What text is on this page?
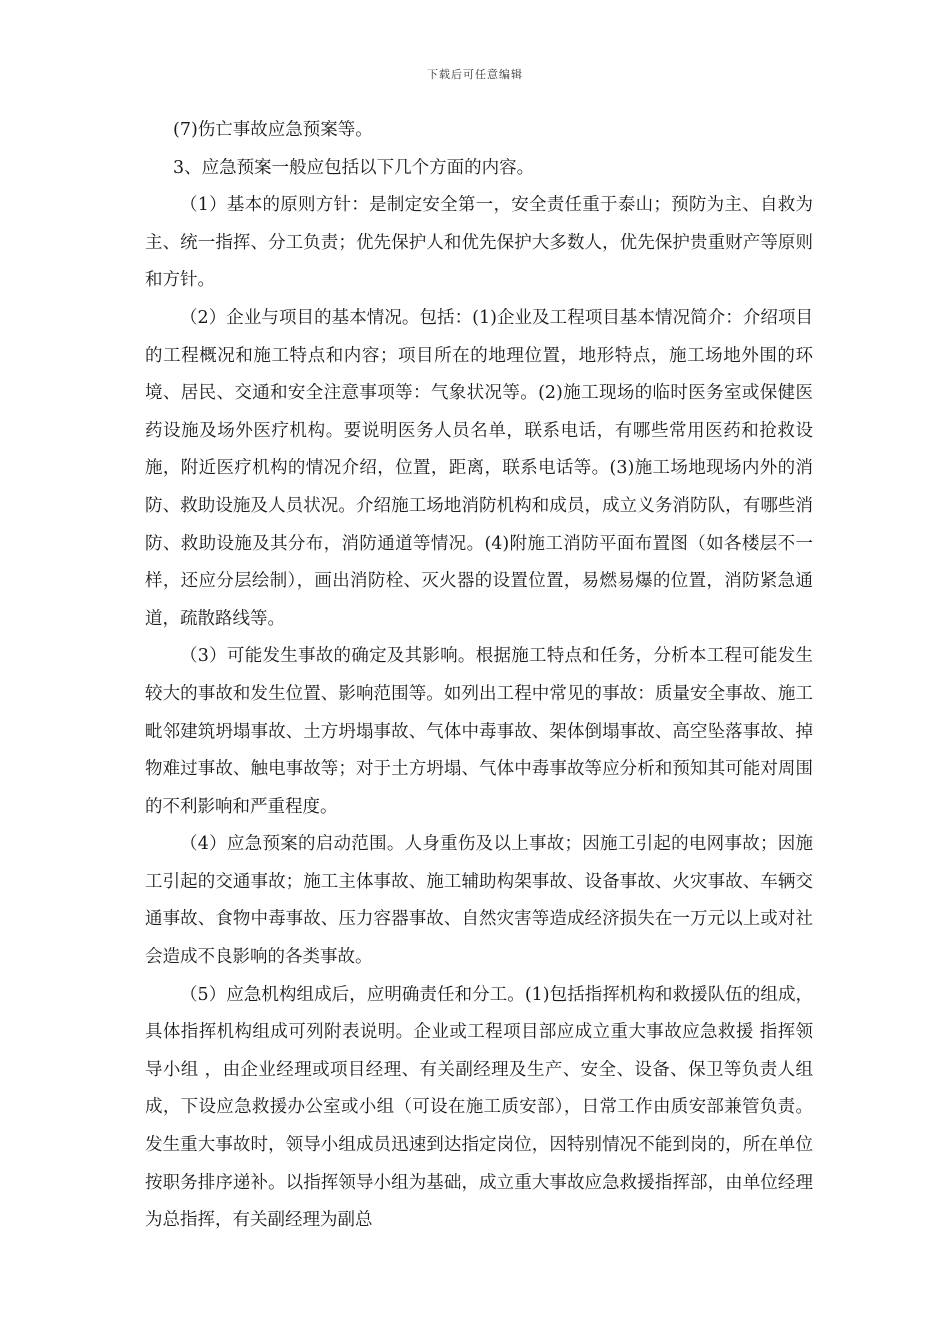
下载后可任意编辑

(7)伤亡事故应急预案等。

3、应急预案一般应包括以下几个方面的内容。

（1）基本的原则方针：是制定安全第一，安全责任重于泰山；预防为主、自救为主、统一指挥、分工负责；优先保护人和优先保护大多数人，优先保护贵重财产等原则和方针。

（2）企业与项目的基本情况。包括：(1)企业及工程项目基本情况简介：介绍项目的工程概况和施工特点和内容；项目所在的地理位置，地形特点，施工场地外围的环境、居民、交通和安全注意事项等：气象状况等。(2)施工现场的临时医务室或保健医药设施及场外医疗机构。要说明医务人员名单，联系电话，有哪些常用医药和抢救设施，附近医疗机构的情况介绍，位置，距离，联系电话等。(3)施工场地现场内外的消防、救助设施及人员状况。介绍施工场地消防机构和成员，成立义务消防队，有哪些消防、救助设施及其分布，消防通道等情况。(4)附施工消防平面布置图（如各楼层不一样，还应分层绘制），画出消防栓、灭火器的设置位置，易燃易爆的位置，消防紧急通道，疏散路线等。

（3）可能发生事故的确定及其影响。根据施工特点和任务，分析本工程可能发生较大的事故和发生位置、影响范围等。如列出工程中常见的事故：质量安全事故、施工毗邻建筑坍塌事故、土方坍塌事故、气体中毒事故、架体倒塌事故、高空坠落事故、掉物难过事故、触电事故等；对于土方坍塌、气体中毒事故等应分析和预知其可能对周围的不利影响和严重程度。

（4）应急预案的启动范围。人身重伤及以上事故；因施工引起的电网事故；因施工引起的交通事故；施工主体事故、施工辅助构架事故、设备事故、火灾事故、车辆交通事故、食物中毒事故、压力容器事故、自然灾害等造成经济损失在一万元以上或对社会造成不良影响的各类事故。

（5）应急机构组成后，应明确责任和分工。(1)包括指挥机构和救援队伍的组成，具体指挥机构组成可列附表说明。企业或工程项目部应成立重大事故应急救援 指挥领导小组 ，由企业经理或项目经理、有关副经理及生产、安全、设备、保卫等负责人组成，下设应急救援办公室或小组（可设在施工质安部），日常工作由质安部兼管负责。发生重大事故时，领导小组成员迅速到达指定岗位，因特别情况不能到岗的，所在单位按职务排序递补。以指挥领导小组为基础，成立重大事故应急救援指挥部，由单位经理为总指挥，有关副经理为副总
